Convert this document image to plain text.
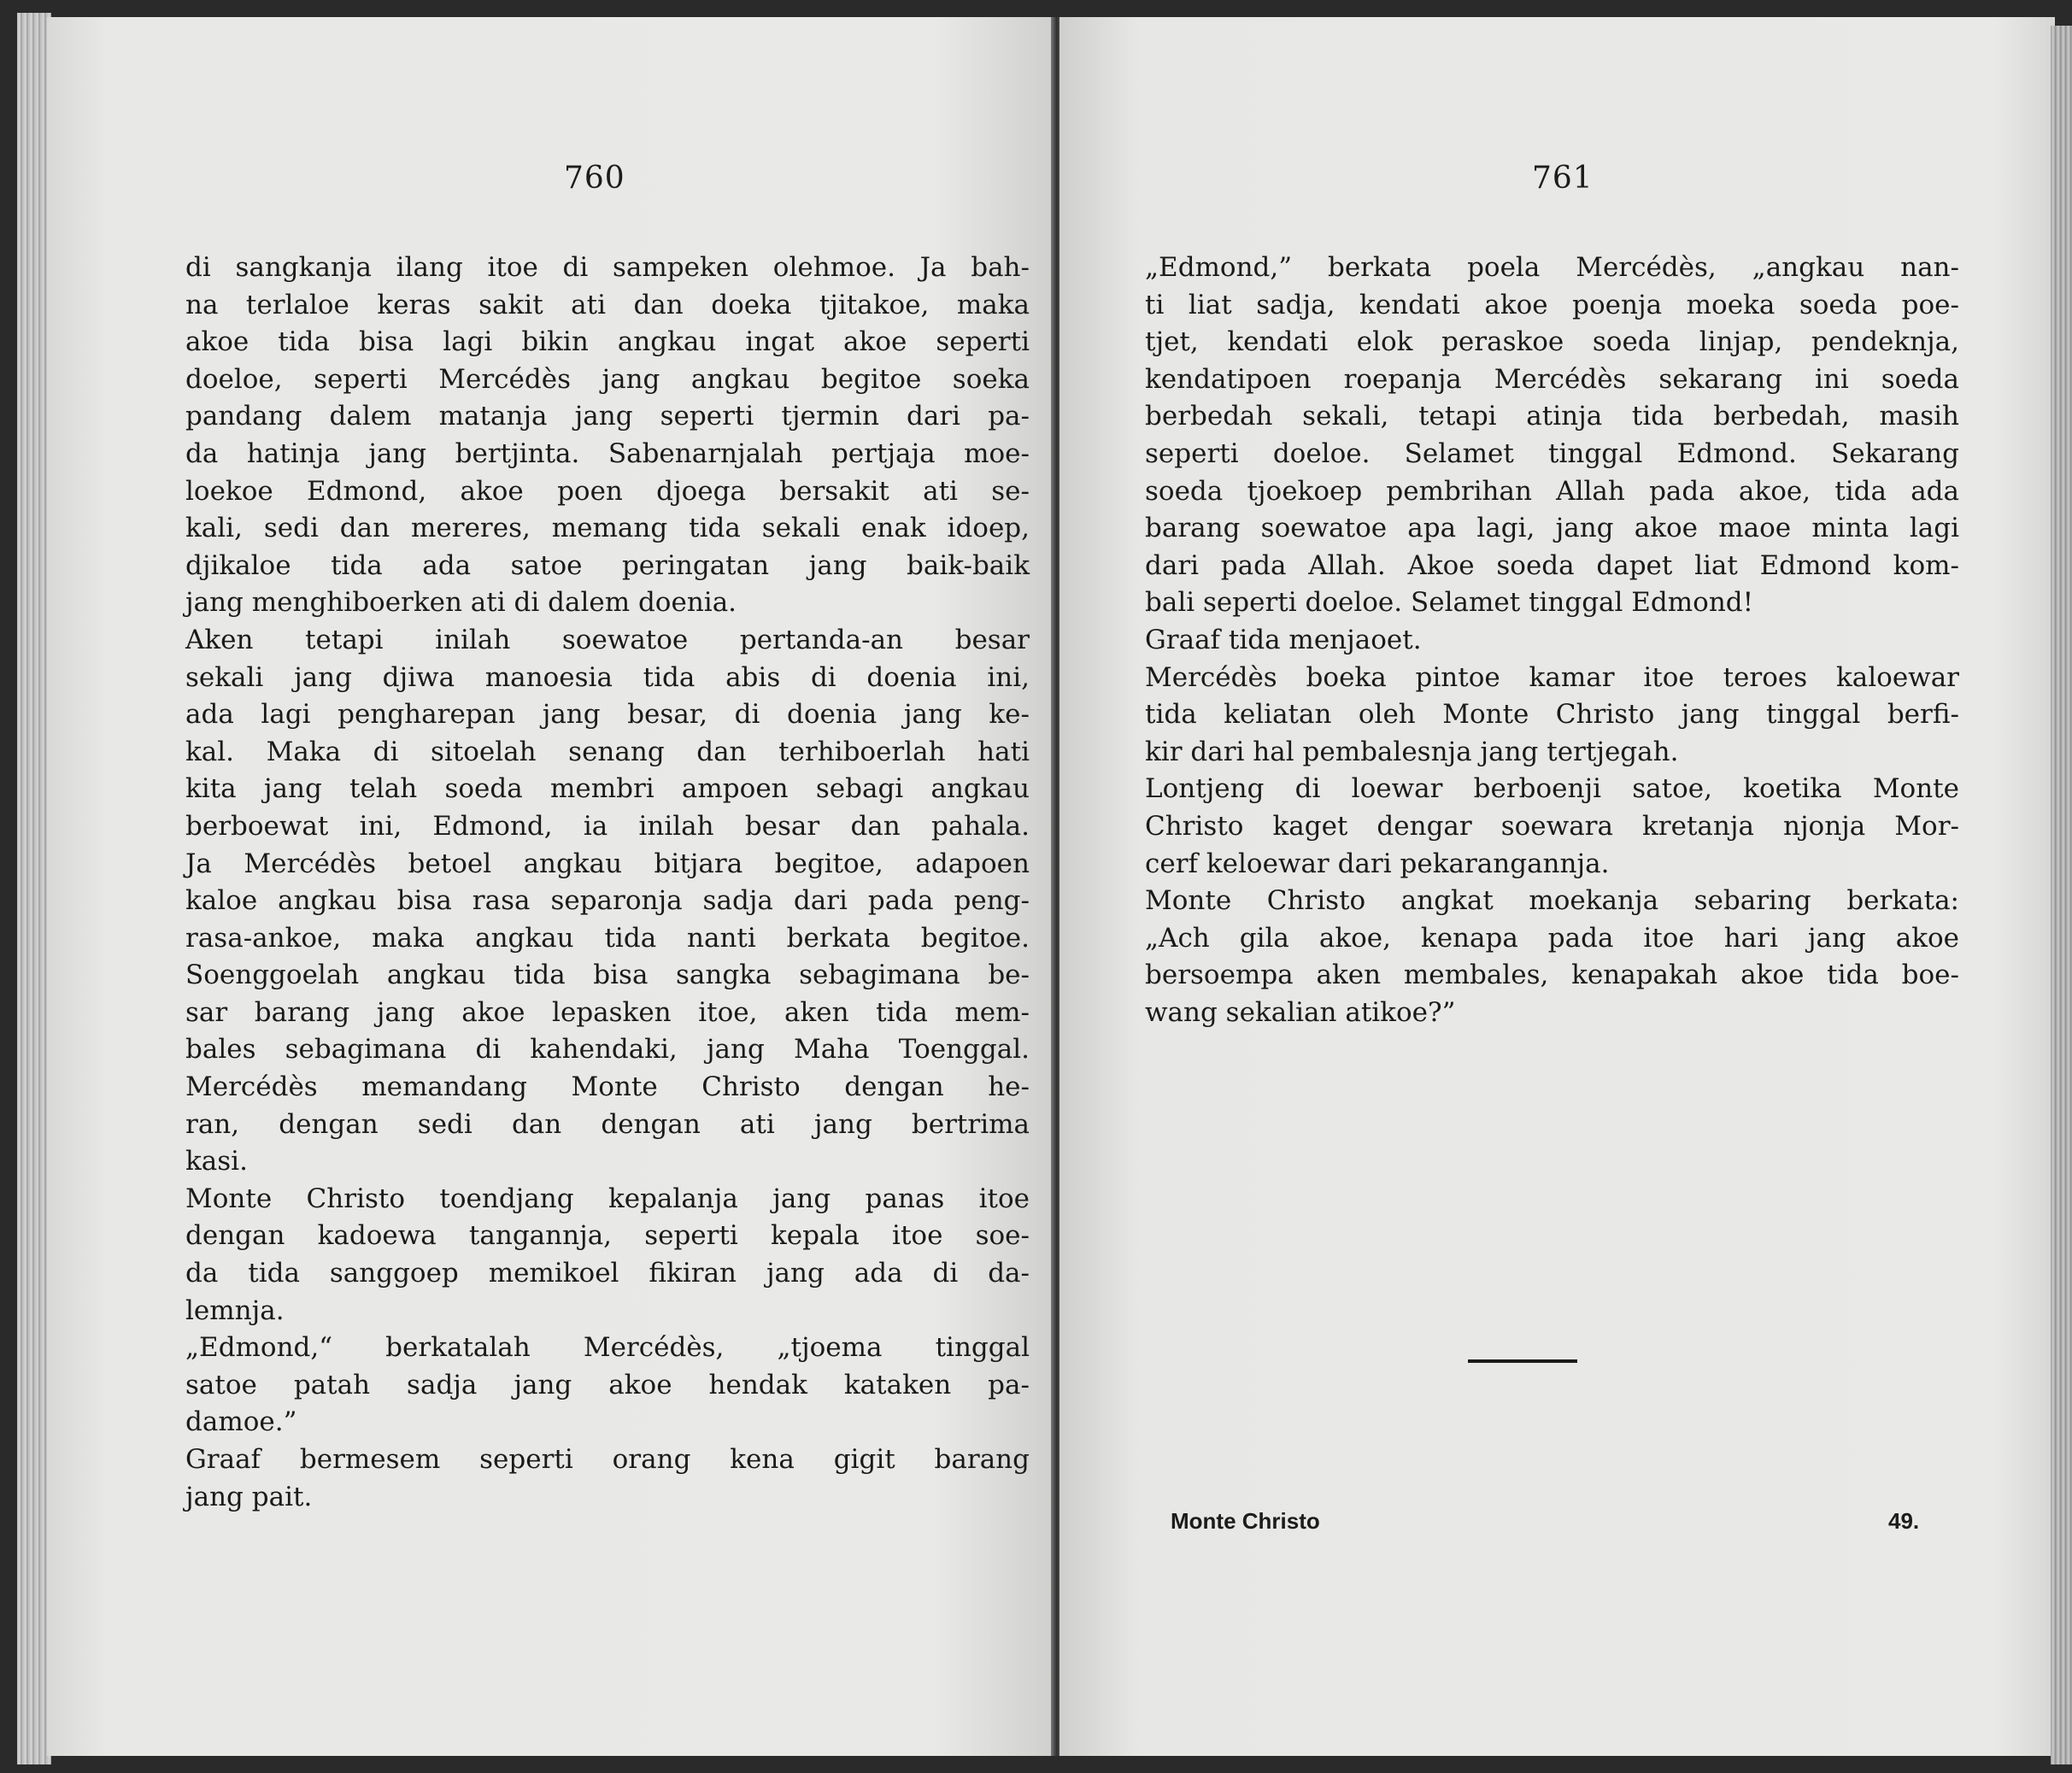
760
di sangkanja ilang itoe di sampeken olehmoe. Ja bah-
na terlaloe keras sakit ati dan doeka tjitakoe, maka
akoe tida bisa lagi bikin angkau ingat akoe seperti
doeloe, seperti Mercédès jang angkau begitoe soeka
pandang dalem matanja jang seperti tjermin dari pa-
da hatinja jang bertjinta. Sabenarnjalah pertjaja moe-
loekoe Edmond, akoe poen djoega bersakit ati se-
kali, sedi dan mereres, memang tida sekali enak idoep,
djikaloe tida ada satoe peringatan jang baik-baik
jang menghiboerken ati di dalem doenia.
Aken tetapi inilah soewatoe pertanda-an besar
sekali jang djiwa manoesia tida abis di doenia ini,
ada lagi pengharepan jang besar, di doenia jang ke-
kal. Maka di sitoelah senang dan terhiboerlah hati
kita jang telah soeda membri ampoen sebagi angkau
berboewat ini, Edmond, ia inilah besar dan pahala.
Ja Mercédès betoel angkau bitjara begitoe, adapoen
kaloe angkau bisa rasa separonja sadja dari pada peng-
rasa-ankoe, maka angkau tida nanti berkata begitoe.
Soenggoelah angkau tida bisa sangka sebagimana be-
sar barang jang akoe lepasken itoe, aken tida mem-
bales sebagimana di kahendaki, jang Maha Toenggal.
Mercédès memandang Monte Christo dengan he-
ran, dengan sedi dan dengan ati jang bertrima
kasi.
Monte Christo toendjang kepalanja jang panas itoe
dengan kadoewa tangannja, seperti kepala itoe soe-
da tida sanggoep memikoel fikiran jang ada di da-
lemnja.
„Edmond,“ berkatalah Mercédès, „tjoema tinggal
satoe patah sadja jang akoe hendak kataken pa-
damoe.”
Graaf bermesem seperti orang kena gigit barang
jang pait.
761
„Edmond,” berkata poela Mercédès, „angkau nan-
ti liat sadja, kendati akoe poenja moeka soeda poe-
tjet, kendati elok peraskoe soeda linjap, pendeknja,
kendatipoen roepanja Mercédès sekarang ini soeda
berbedah sekali, tetapi atinja tida berbedah, masih
seperti doeloe. Selamet tinggal Edmond. Sekarang
soeda tjoekoep pembrihan Allah pada akoe, tida ada
barang soewatoe apa lagi, jang akoe maoe minta lagi
dari pada Allah. Akoe soeda dapet liat Edmond kom-
bali seperti doeloe. Selamet tinggal Edmond!
Graaf tida menjaoet.
Mercédès boeka pintoe kamar itoe teroes kaloewar
tida keliatan oleh Monte Christo jang tinggal berfi-
kir dari hal pembalesnja jang tertjegah.
Lontjeng di loewar berboenji satoe, koetika Monte
Christo kaget dengar soewara kretanja njonja Mor-
cerf keloewar dari pekarangannja.
Monte Christo angkat moekanja sebaring berkata:
„Ach gila akoe, kenapa pada itoe hari jang akoe
bersoempa aken membales, kenapakah akoe tida boe-
wang sekalian atikoe?”
Monte Christo	49.
